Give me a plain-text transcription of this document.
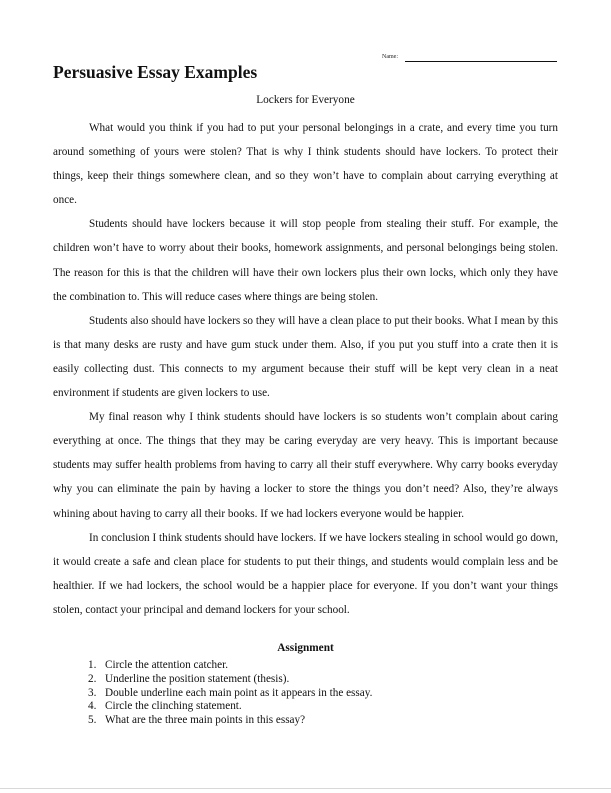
Name:
Persuasive Essay Examples
Lockers for Everyone

What would you think if you had to put your personal belongings in a crate, and every time you turn around something of yours were stolen? That is why I think students should have lockers. To protect their things, keep their things somewhere clean, and so they won’t have to complain about carrying everything at once.

Students should have lockers because it will stop people from stealing their stuff. For example, the children won’t have to worry about their books, homework assignments, and personal belongings being stolen. The reason for this is that the children will have their own lockers plus their own locks, which only they have the combination to. This will reduce cases where things are being stolen.

Students also should have lockers so they will have a clean place to put their books. What I mean by this is that many desks are rusty and have gum stuck under them. Also, if you put you stuff into a crate then it is easily collecting dust. This connects to my argument because their stuff will be kept very clean in a neat environment if students are given lockers to use.

My final reason why I think students should have lockers is so students won’t complain about caring everything at once. The things that they may be caring everyday are very heavy. This is important because students may suffer health problems from having to carry all their stuff everywhere. Why carry books everyday why you can eliminate the pain by having a locker to store the things you don’t need? Also, they’re always whining about having to carry all their books. If we had lockers everyone would be happier.

In conclusion I think students should have lockers. If we have lockers stealing in school would go down, it would create a safe and clean place for students to put their things, and students would complain less and be healthier. If we had lockers, the school would be a happier place for everyone. If you don’t want your things stolen, contact your principal and demand lockers for your school.

Assignment
1. Circle the attention catcher.
2. Underline the position statement (thesis).
3. Double underline each main point as it appears in the essay.
4. Circle the clinching statement.
5. What are the three main points in this essay?
